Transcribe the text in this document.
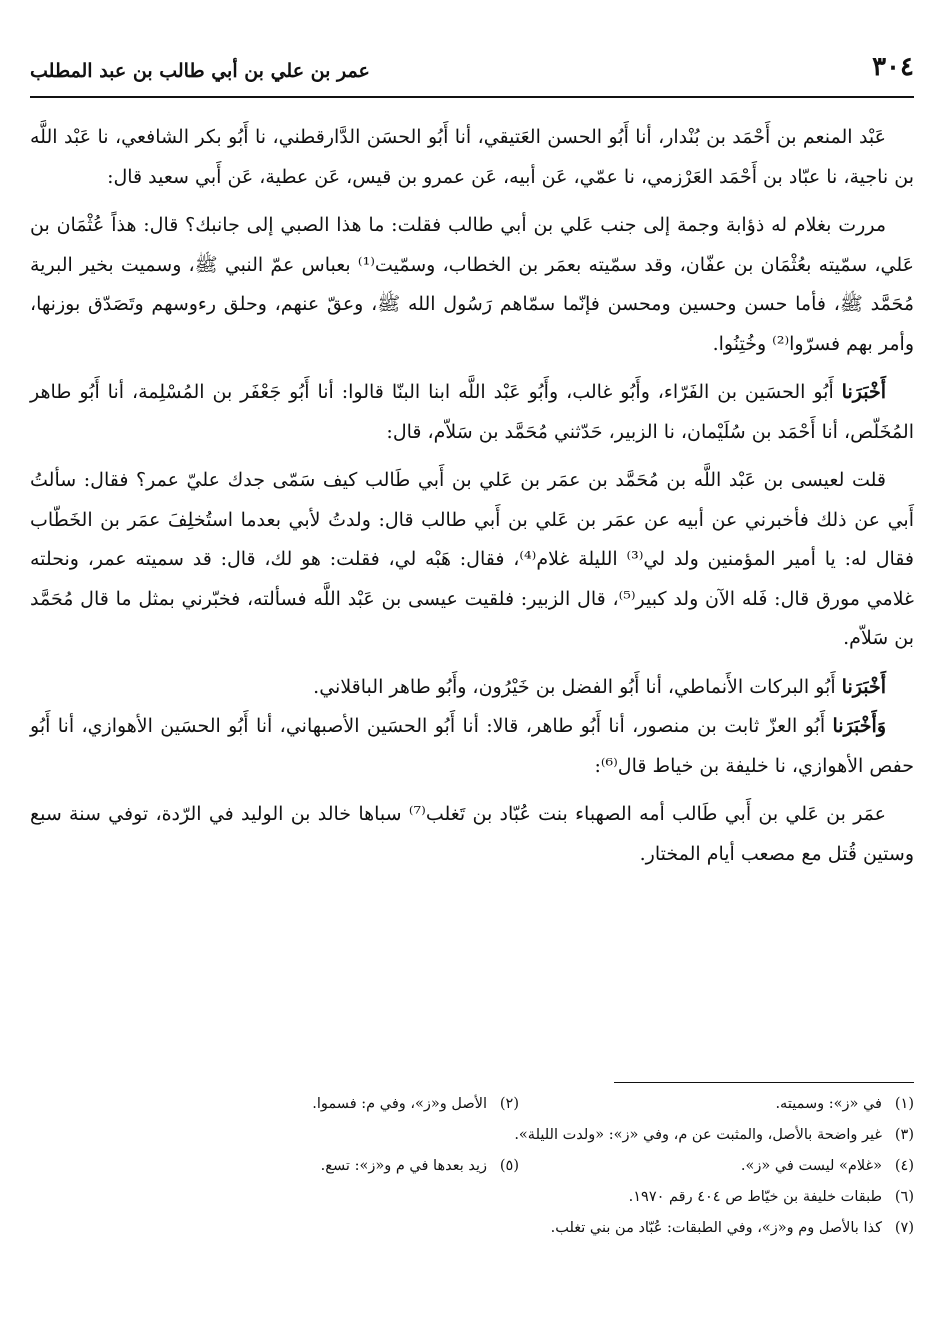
٣٠٤
عمر بن علي بن أبي طالب بن عبد المطلب

عَبْد المنعم بن أَحْمَد بن بُنْدار، أنا أَبُو الحسن العَتيقي، أنا أَبُو الحسَن الدَّارقطني، نا أَبُو بكر الشافعي، نا عَبْد اللَّه بن ناجية، نا عبّاد بن أَحْمَد العَرْزمي، نا عمّي، عَن أبيه، عَن عمرو بن قيس، عَن عطية، عَن أَبي سعيد قال:

مررت بغلام له ذؤابة وجمة إلى جنب عَلي بن أبي طالب فقلت: ما هذا الصبي إلى جانبك؟ قال: هذاً عُثْمَان بن عَلي، سمّيته بعُثْمَان بن عفّان، وقد سمّيته بعمَر بن الخطاب، وسمّيت⁽¹⁾ بعباس عمّ النبي ﷺ، وسميت بخير البرية مُحَمَّد ﷺ، فأما حسن وحسين ومحسن فإنّما سمّاهم رَسُول الله ﷺ، وعقّ عنهم، وحلق رءوسهم وتَصَدّق بوزنها، وأمر بهم فسرّوا⁽²⁾ وخُتِنُوا.

أَخْبَرَنا أَبُو الحسَين بن الفَرّاء، وأَبُو غالب، وأَبُو عَبْد اللَّه ابنا البنّا قالوا: أنا أَبُو جَعْفَر بن المُسْلِمة، أنا أَبُو طاهر المُخَلّص، أنا أَحْمَد بن سُلَيْمان، نا الزبير، حَدّثني مُحَمَّد بن سَلاّم، قال:

قلت لعيسى بن عَبْد اللَّه بن مُحَمَّد بن عمَر بن عَلي بن أَبي طَالب كيف سَمّى جدك عليّ عمر؟ فقال: سألتُ أَبي عن ذلك فأخبرني عن أبيه عن عمَر بن عَلي بن أَبي طالب قال: ولدتُ لأبي بعدما استُخلِفَ عمَر بن الخَطّاب فقال له: يا أمير المؤمنين ولد لي⁽³⁾ الليلة غلام⁽⁴⁾، فقال: هَبْه لي، فقلت: هو لك، قال: قد سميته عمر، ونحلته غلامي مورق قال: فَله الآن ولد كبير⁽⁵⁾، قال الزبير: فلقيت عيسى بن عَبْد اللَّه فسألته، فخبّرني بمثل ما قال مُحَمَّد بن سَلاّم.

أَخْبَرَنا أَبُو البركات الأَنماطي، أنا أَبُو الفضل بن خَيْرُون، وأَبُو طاهر الباقلاني.

وَأَخْبَرَنا أَبُو العزّ ثابت بن منصور، أنا أَبُو طاهر، قالا: أنا أَبُو الحسَين الأصبهاني، أنا أَبُو الحسَين الأهوازي، أنا أَبُو حفص الأهوازي، نا خليفة بن خياط قال⁽⁶⁾:

عمَر بن عَلي بن أَبي طَالب أمه الصهباء بنت عُبّاد بن تَغلب⁽⁷⁾ سباها خالد بن الوليد في الرّدة، توفي سنة سبع وستين قُتل مع مصعب أيام المختار.

(١)في «ز»: وسميته.
(٢)الأصل و«ز»، وفي م: فسموا.
(٣)غير واضحة بالأصل، والمثبت عن م، وفي «ز»: «ولدت الليلة».
(٤)«غلام» ليست في «ز».
(٥)زيد بعدها في م و«ز»: تسع.
(٦)طبقات خليفة بن خيّاط ص ٤٠٤ رقم ١٩٧٠.
(٧)كذا بالأصل وم و«ز»، وفي الطبقات: عُبّاد من بني تغلب.
